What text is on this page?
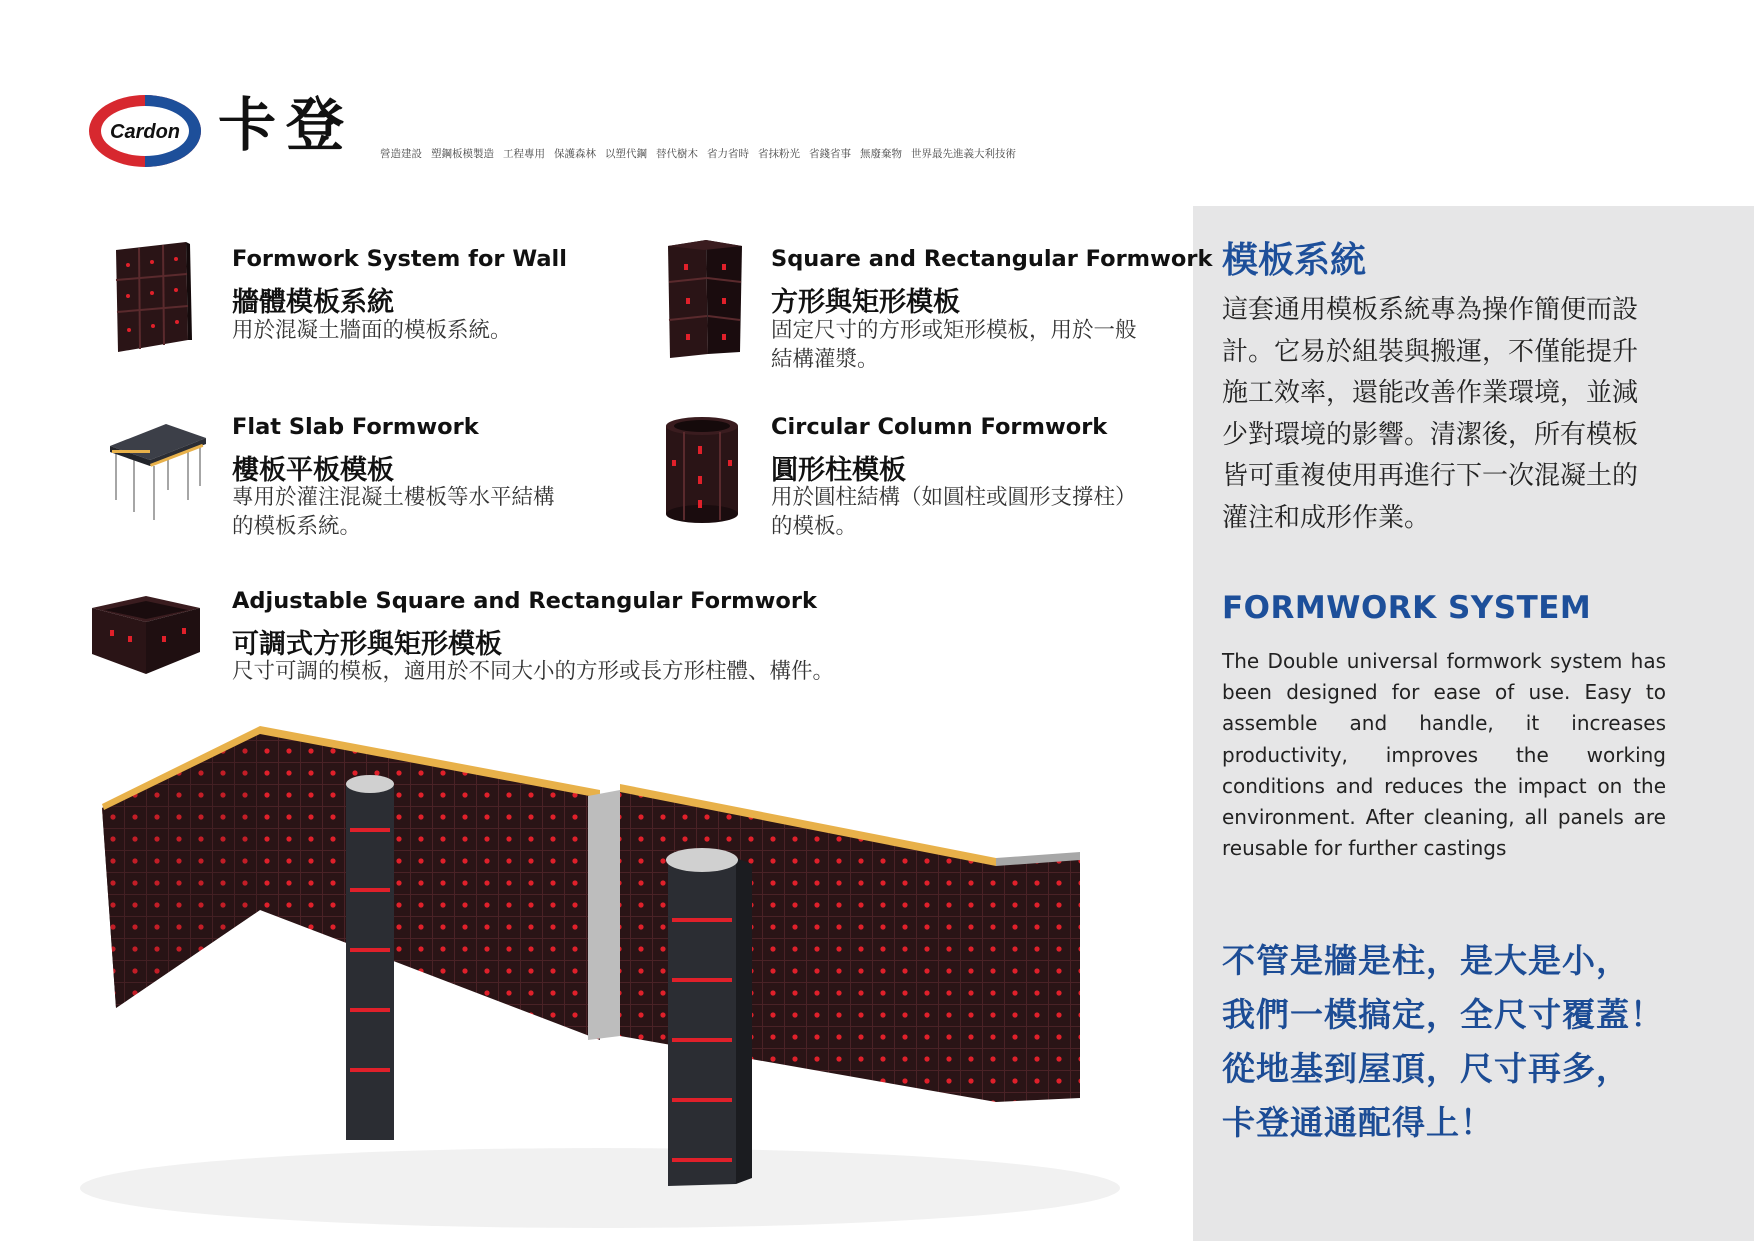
Cardon 卡登 營造建設 塑鋼板模製造 工程專用 保護森林 以塑代鋼 替代樹木 省力省時 省抹粉光 省錢省事 無廢棄物 世界最先進義大利技術
模板系統
這套通用模板系統專為操作簡便而設
計。它易於組裝與搬運，不僅能提升
施工效率，還能改善作業環境，並減
少對環境的影響。清潔後，所有模板
皆可重複使用再進行下一次混凝土的
灌注和成形作業。
FORMWORK SYSTEM
The Double universal formwork system has been designed for ease of use. Easy to assemble and handle, it increases productivity, improves the working conditions and reduces the impact on the environment. After cleaning, all panels are reusable for further castings
不管是牆是柱，是大是小，
我們一模搞定，全尺寸覆蓋！
從地基到屋頂，尺寸再多，
卡登通通配得上！
Formwork System for Wall
牆體模板系統
用於混凝土牆面的模板系統。
Square and Rectangular Formwork
方形與矩形模板
固定尺寸的方形或矩形模板，用於一般
結構灌漿。
Flat Slab Formwork
樓板平板模板
專用於灌注混凝土樓板等水平結構
的模板系統。
Circular Column Formwork
圓形柱模板
用於圓柱結構（如圓柱或圓形支撐柱）
的模板。
Adjustable Square and Rectangular Formwork
可調式方形與矩形模板
尺寸可調的模板，適用於不同大小的方形或長方形柱體、構件。
